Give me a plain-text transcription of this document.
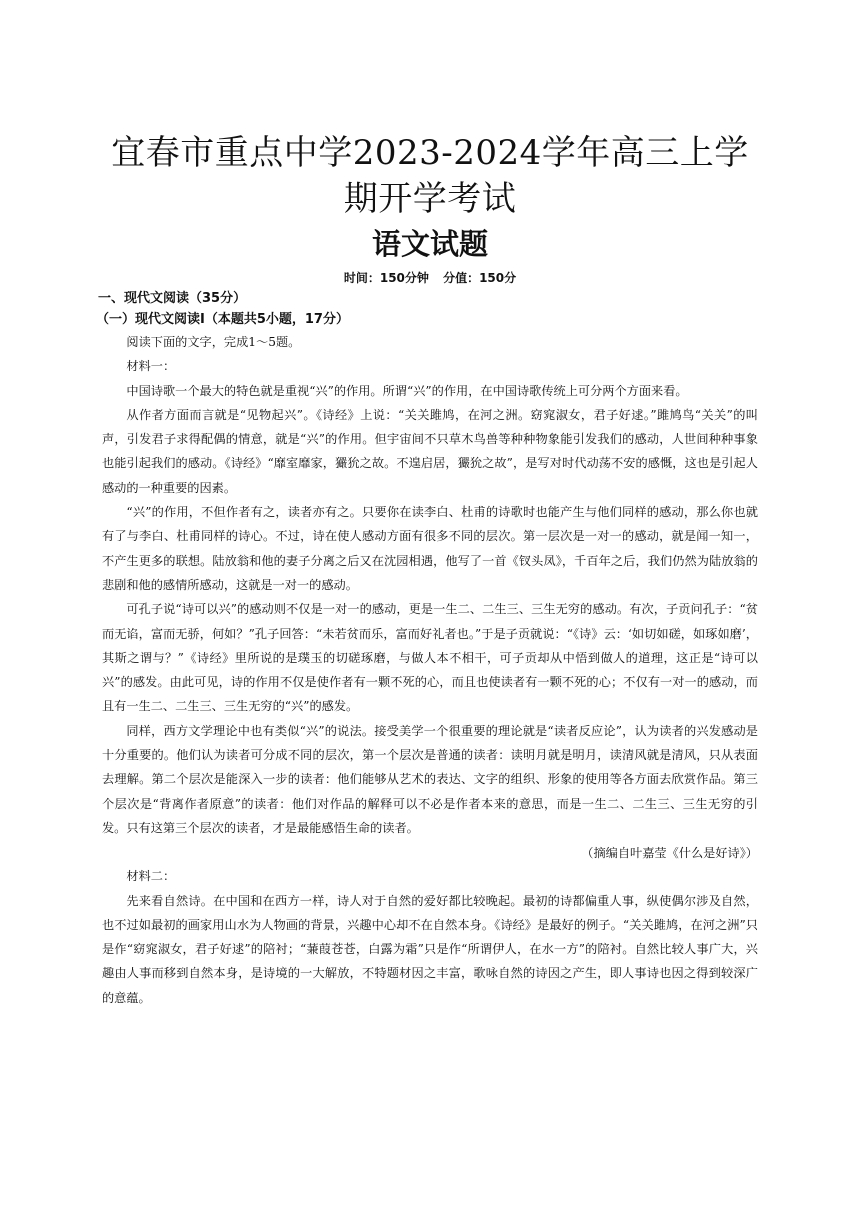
宜春市重点中学2023-2024学年高三上学期开学考试
语文试题

时间：150分钟 分值：150分

一、现代文阅读（35分）

（一）现代文阅读Ⅰ（本题共5小题，17分）

阅读下面的文字，完成1～5题。

材料一：

中国诗歌一个最大的特色就是重视“兴”的作用。所谓“兴”的作用，在中国诗歌传统上可分两个方面来看。

从作者方面而言就是“见物起兴”。《诗经》上说：“关关雎鸠，在河之洲。窈窕淑女，君子好逑。”雎鸠鸟“关关”的叫声，引发君子求得配偶的情意，就是“兴”的作用。但宇宙间不只草木鸟兽等种种物象能引发我们的感动，人世间种种事象也能引起我们的感动。《诗经》“靡室靡家，玁狁之故。不遑启居，玁狁之故”，是写对时代动荡不安的感慨，这也是引起人感动的一种重要的因素。

“兴”的作用，不但作者有之，读者亦有之。只要你在读李白、杜甫的诗歌时也能产生与他们同样的感动，那么你也就有了与李白、杜甫同样的诗心。不过，诗在使人感动方面有很多不同的层次。第一层次是一对一的感动，就是闻一知一，不产生更多的联想。陆放翁和他的妻子分离之后又在沈园相遇，他写了一首《钗头凤》，千百年之后，我们仍然为陆放翁的悲剧和他的感情所感动，这就是一对一的感动。

可孔子说“诗可以兴”的感动则不仅是一对一的感动，更是一生二、二生三、三生无穷的感动。有次，子贡问孔子：“贫而无谄，富而无骄，何如？”孔子回答：“未若贫而乐，富而好礼者也。”于是子贡就说：“《诗》云：‘如切如磋，如琢如磨’，其斯之谓与？”《诗经》里所说的是璞玉的切磋琢磨，与做人本不相干，可子贡却从中悟到做人的道理，这正是“诗可以兴”的感发。由此可见，诗的作用不仅是使作者有一颗不死的心，而且也使读者有一颗不死的心；不仅有一对一的感动，而且有一生二、二生三、三生无穷的“兴”的感发。

同样，西方文学理论中也有类似“兴”的说法。接受美学一个很重要的理论就是“读者反应论”，认为读者的兴发感动是十分重要的。他们认为读者可分成不同的层次，第一个层次是普通的读者：读明月就是明月，读清风就是清风，只从表面去理解。第二个层次是能深入一步的读者：他们能够从艺术的表达、文字的组织、形象的使用等各方面去欣赏作品。第三个层次是“背离作者原意”的读者：他们对作品的解释可以不必是作者本来的意思，而是一生二、二生三、三生无穷的引发。只有这第三个层次的读者，才是最能感悟生命的读者。

（摘编自叶嘉莹《什么是好诗》）

材料二：

先来看自然诗。在中国和在西方一样，诗人对于自然的爱好都比较晚起。最初的诗都偏重人事，纵使偶尔涉及自然，也不过如最初的画家用山水为人物画的背景，兴趣中心却不在自然本身。《诗经》是最好的例子。“关关雎鸠，在河之洲”只是作“窈窕淑女，君子好逑”的陪衬；“蒹葭苍苍，白露为霜”只是作“所谓伊人，在水一方”的陪衬。自然比较人事广大，兴趣由人事而移到自然本身，是诗境的一大解放，不特题材因之丰富，歌咏自然的诗因之产生，即人事诗也因之得到较深广的意蕴。
